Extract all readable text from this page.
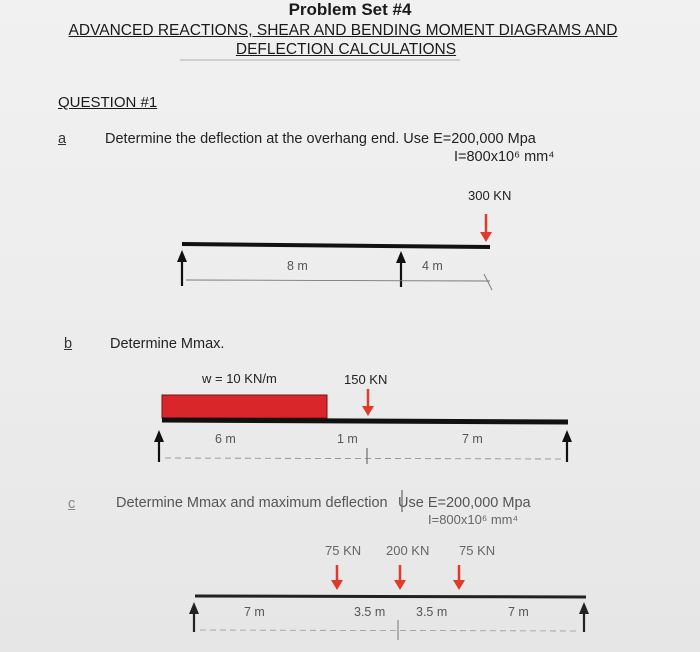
Problem Set #4
ADVANCED REACTIONS, SHEAR AND BENDING MOMENT DIAGRAMS AND
DEFLECTION CALCULATIONS
QUESTION #1
a	Determine the deflection at the overhang end. Use E=200,000 Mpa
I=800x10⁶ mm⁴
300 KN
8 m	4 m
b	Determine Mmax.
w = 10 KN/m	150 KN
6 m	1 m	7 m
c	Determine Mmax and maximum deflection Use E=200,000 Mpa
I=800x10⁶ mm⁴
75 KN 200 KN 75 KN
7 m	3.5 m 3.5 m	7 m
